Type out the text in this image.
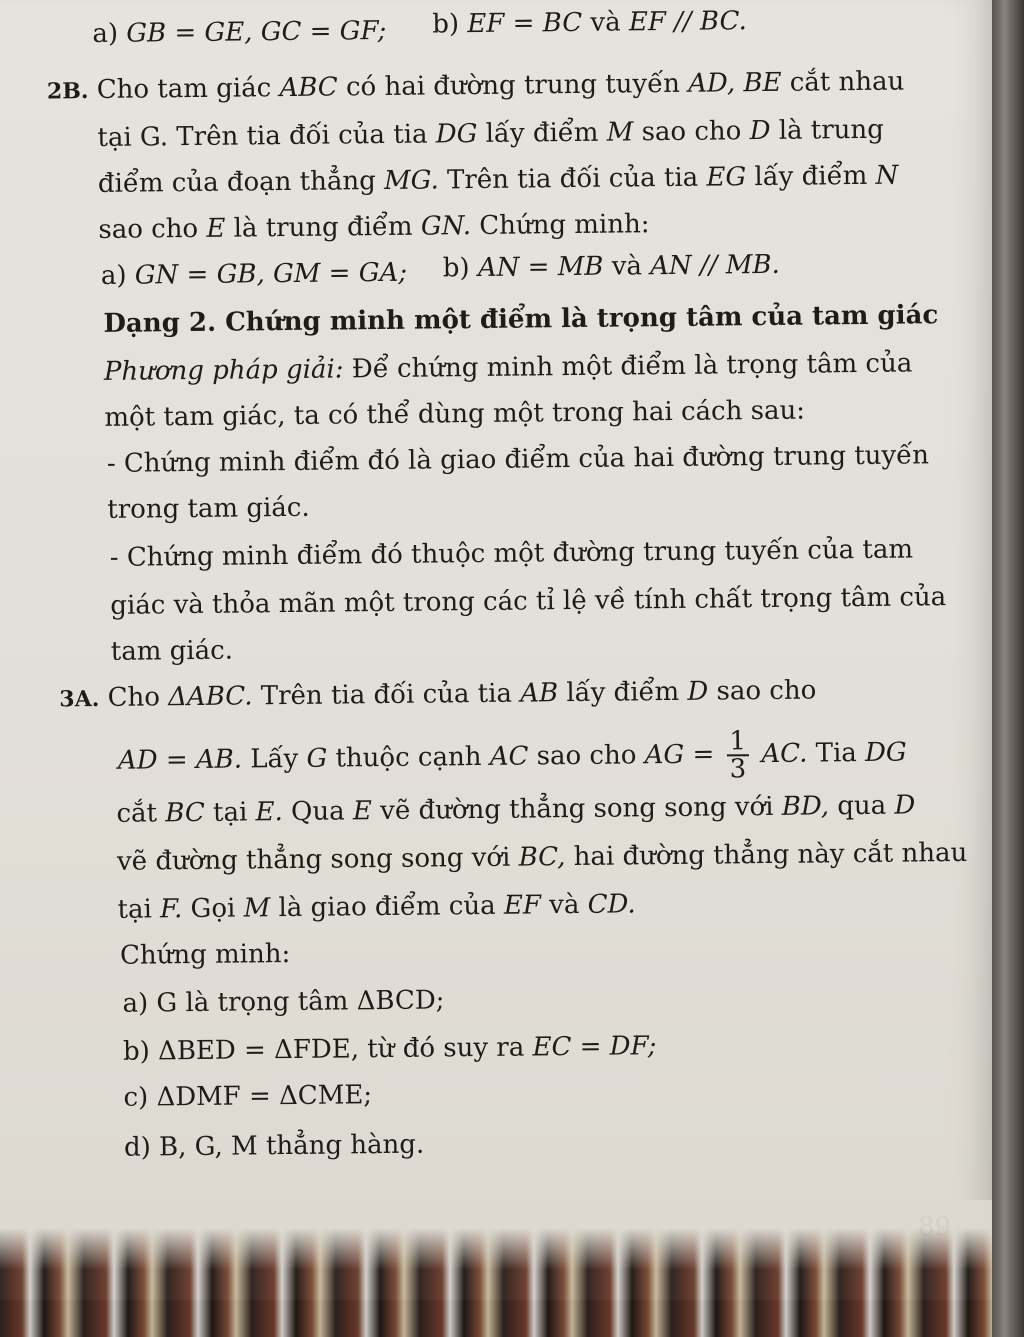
a) GB = GE, GC = GF; b) EF = BC và EF // BC.
2B. Cho tam giác ABC có hai đường trung tuyến AD, BE cắt nhau
tại G. Trên tia đối của tia DG lấy điểm M sao cho D là trung
điểm của đoạn thẳng MG. Trên tia đối của tia EG lấy điểm N
sao cho E là trung điểm GN. Chứng minh:
a) GN = GB, GM = GA; b) AN = MB và AN // MB.
Dạng 2. Chứng minh một điểm là trọng tâm của tam giác
Phương pháp giải: Để chứng minh một điểm là trọng tâm của
một tam giác, ta có thể dùng một trong hai cách sau:
- Chứng minh điểm đó là giao điểm của hai đường trung tuyến
trong tam giác.
- Chứng minh điểm đó thuộc một đường trung tuyến của tam
giác và thỏa mãn một trong các tỉ lệ về tính chất trọng tâm của
tam giác.
3A. Cho ΔABC. Trên tia đối của tia AB lấy điểm D sao cho
AD = AB. Lấy G thuộc cạnh AC sao cho AG = $\frac{1}{3}$ AC. Tia DG
cắt BC tại E. Qua E vẽ đường thẳng song song với BD, qua D
vẽ đường thẳng song song với BC, hai đường thẳng này cắt nhau
tại F. Gọi M là giao điểm của EF và CD.
Chứng minh:
a) G là trọng tâm ΔBCD;
b) ΔBED = ΔFDE, từ đó suy ra EC = DF;
c) ΔDMF = ΔCME;
d) B, G, M thẳng hàng.
